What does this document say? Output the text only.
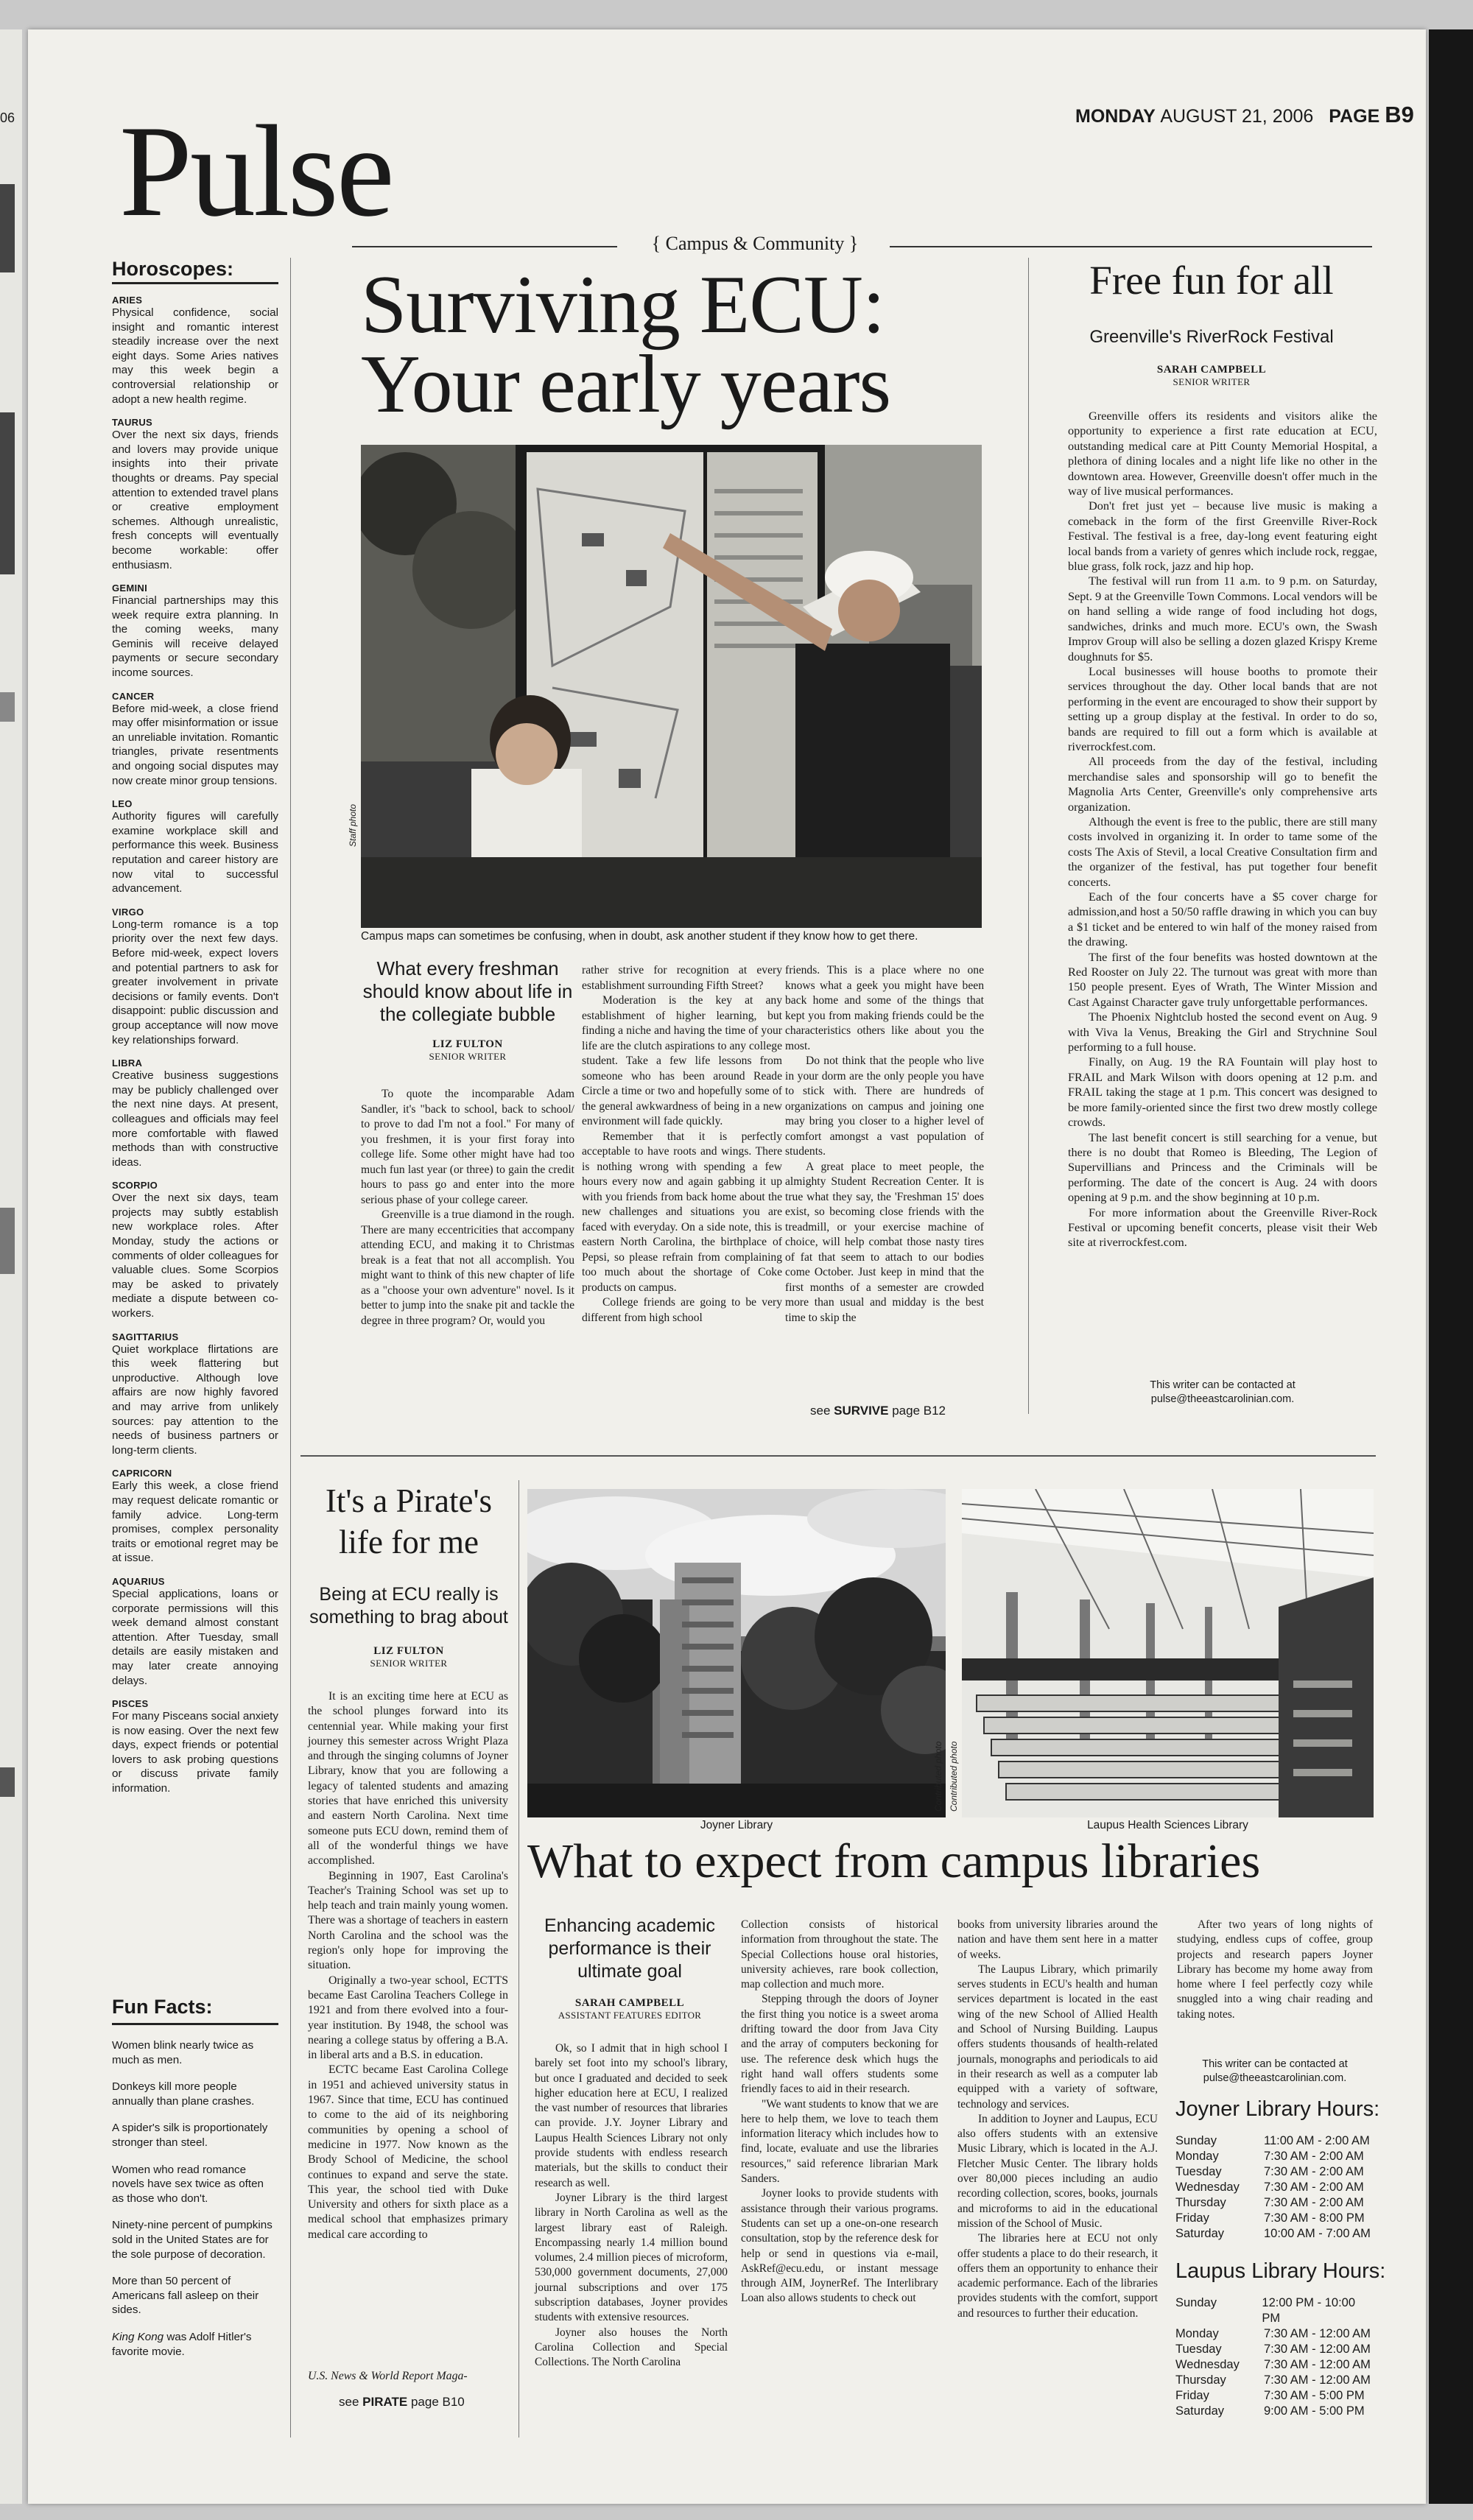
06 Pulse	MONDAY AUGUST 21, 2006 PAGE B9
{ Campus & Community }
Horoscopes:
ARIES

Physical confidence, social insight and romantic interest steadily increase over the next eight days. Some Aries natives may this week begin a controversial relationship or adopt a new health regime.

TAURUS

Over the next six days, friends and lovers may provide unique insights into their private thoughts or dreams. Pay special attention to extended travel plans or creative employment schemes. Although unrealistic, fresh concepts will eventually become workable: offer enthusiasm.

GEMINI

Financial partnerships may this week require extra planning. In the coming weeks, many Geminis will receive delayed payments or secure secondary income sources.

CANCER

Before mid-week, a close friend may offer misinformation or issue an unreliable invitation. Romantic triangles, private resentments and ongoing social disputes may now create minor group tensions.

LEO

Authority figures will carefully examine workplace skill and performance this week. Business reputation and career history are now vital to successful advancement.

VIRGO

Long-term romance is a top priority over the next few days. Before mid-week, expect lovers and potential partners to ask for greater involvement in private decisions or family events. Don't disappoint: public discussion and group acceptance will now move key relationships forward.

LIBRA

Creative business suggestions may be publicly challenged over the next nine days. At present, colleagues and officials may feel more comfortable with flawed methods than with constructive ideas.

SCORPIO

Over the next six days, team projects may subtly establish new workplace roles. After Monday, study the actions or comments of older colleagues for valuable clues. Some Scorpios may be asked to privately mediate a dispute between co-workers.

SAGITTARIUS

Quiet workplace flirtations are this week flattering but unproductive. Although love affairs are now highly favored and may arrive from unlikely sources: pay attention to the needs of business partners or long-term clients.

CAPRICORN

Early this week, a close friend may request delicate romantic or family advice. Long-term promises, complex personality traits or emotional regret may be at issue.

AQUARIUS

Special applications, loans or corporate permissions will this week demand almost constant attention. After Tuesday, small details are easily mistaken and may later create annoying delays.

PISCES

For many Pisceans social anxiety is now easing. Over the next few days, expect friends or potential lovers to ask probing questions or discuss private family information.

Fun Facts:

Women blink nearly twice as much as men.

Donkeys kill more people annually than plane crashes.

A spider's silk is proportionately stronger than steel.

Women who read romance novels have sex twice as often as those who don't.

Ninety-nine percent of pumpkins sold in the United States are for the sole purpose of decoration.

More than 50 percent of Americans fall asleep on their sides.

King Kong was Adolf Hitler's favorite movie.

Surviving ECU:
Your early years
Staff photo
Campus maps can sometimes be confusing, when in doubt, ask another student if they know how to get there.
What every freshman should know about life in the collegiate bubble
LIZ FULTON
SENIOR WRITER

To quote the incomparable Adam Sandler, it's "back to school, back to school/ to prove to dad I'm not a fool." For many of you freshmen, it is your first foray into college life. Some other might have had too much fun last year (or three) to gain the credit hours to pass go and enter into the more serious phase of your college career.

Greenville is a true diamond in the rough. There are many eccentricities that accompany attending ECU, and making it to Christmas break is a feat that not all accomplish. You might want to think of this new chapter of life as a "choose your own adventure" novel. Is it better to jump into the snake pit and tackle the degree in three program? Or, would you

rather strive for recognition at every establishment surrounding Fifth Street?

Moderation is the key at any establishment of higher learning, but finding a niche and having the time of your life are the clutch aspirations to any college student. Take a few life lessons from someone who has been around Reade Circle a time or two and hopefully some of the general awkwardness of being in a new environment will fade quickly.

Remember that it is perfectly acceptable to have roots and wings. There is nothing wrong with spending a few hours every now and again gabbing it up with you friends from back home about the new challenges and situations you are faced with everyday. On a side note, this is eastern North Carolina, the birthplace of Pepsi, so please refrain from complaining too much about the shortage of Coke products on campus.

College friends are going to be very different from high school

friends. This is a place where no one knows what a geek you might have been back home and some of the things that kept you from making friends could be the characteristics others like about you the most.

Do not think that the people who live in your dorm are the only people you have to stick with. There are hundreds of organizations on campus and joining one may bring you closer to a higher level of comfort amongst a vast population of students.

A great place to meet people, the almighty Student Recreation Center. It is true what they say, the 'Freshman 15' does exist, so becoming close friends with the treadmill, or your exercise machine of choice, will help combat those nasty tires of fat that seem to attach to our bodies come October. Just keep in mind that the first months of a semester are crowded more than usual and midday is the best time to skip the

see SURVIVE page B12
Free fun for all
Greenville's RiverRock Festival
SARAH CAMPBELL
SENIOR WRITER

Greenville offers its residents and visitors alike the opportunity to experience a first rate education at ECU, outstanding medical care at Pitt County Memorial Hospital, a plethora of dining locales and a night life like no other in the downtown area. However, Greenville doesn't offer much in the way of live musical performances.

Don't fret just yet – because live music is making a comeback in the form of the first Greenville River-Rock Festival. The festival is a free, day-long event featuring eight local bands from a variety of genres which include rock, reggae, blue grass, folk rock, jazz and hip hop.

The festival will run from 11 a.m. to 9 p.m. on Saturday, Sept. 9 at the Greenville Town Commons. Local vendors will be on hand selling a wide range of food including hot dogs, sandwiches, drinks and much more. ECU's own, the Swash Improv Group will also be selling a dozen glazed Krispy Kreme doughnuts for $5.

Local businesses will house booths to promote their services throughout the day. Other local bands that are not performing in the event are encouraged to show their support by setting up a group display at the festival. In order to do so, bands are required to fill out a form which is available at riverrockfest.com.

All proceeds from the day of the festival, including merchandise sales and sponsorship will go to benefit the Magnolia Arts Center, Greenville's only comprehensive arts organization.

Although the event is free to the public, there are still many costs involved in organizing it. In order to tame some of the costs The Axis of Stevil, a local Creative Consultation firm and the organizer of the festival, has put together four benefit concerts.

Each of the four concerts have a $5 cover charge for admission,and host a 50/50 raffle drawing in which you can buy a $1 ticket and be entered to win half of the money raised from the drawing.

The first of the four benefits was hosted downtown at the Red Rooster on July 22. The turnout was great with more than 150 people present. Eyes of Wrath, The Winter Mission and Cast Against Character gave truly unforgettable performances.

The Phoenix Nightclub hosted the second event on Aug. 9 with Viva la Venus, Breaking the Girl and Strychnine Soul performing to a full house.

Finally, on Aug. 19 the RA Fountain will play host to FRAIL and Mark Wilson with doors opening at 12 p.m. and FRAIL taking the stage at 1 p.m. This concert was designed to be more family-oriented since the first two drew mostly college crowds.

The last benefit concert is still searching for a venue, but there is no doubt that Romeo is Bleeding, The Legion of Supervillians and Princess and the Criminals will be performing. The date of the concert is Aug. 24 with doors opening at 9 p.m. and the show beginning at 10 p.m.

For more information about the Greenville River-Rock Festival or upcoming benefit concerts, please visit their Web site at riverrockfest.com.

This writer can be contacted at
pulse@theeastcarolinian.com.
It's a Pirate's
life for me
Being at ECU really is something to brag about
LIZ FULTON
SENIOR WRITER

It is an exciting time here at ECU as the school plunges forward into its centennial year. While making your first journey this semester across Wright Plaza and through the singing columns of Joyner Library, know that you are following a legacy of talented students and amazing stories that have enriched this university and eastern North Carolina. Next time someone puts ECU down, remind them of all of the wonderful things we have accomplished.

Beginning in 1907, East Carolina's Teacher's Training School was set up to help teach and train mainly young women. There was a shortage of teachers in eastern North Carolina and the school was the region's only hope for improving the situation.

Originally a two-year school, ECTTS became East Carolina Teachers College in 1921 and from there evolved into a four-year institution. By 1948, the school was nearing a college status by offering a B.A. in liberal arts and a B.S. in education.

ECTC became East Carolina College in 1951 and achieved university status in 1967. Since that time, ECU has continued to come to the aid of its neighboring communities by opening a school of medicine in 1977. Now known as the Brody School of Medicine, the school continues to expand and serve the state. This year, the school tied with Duke University and others for sixth place as a medical school that emphasizes primary medical care according to

U.S. News & World Report Maga-
see PIRATE page B10
Contributed photo
Joyner Library
Contributed photo
Laupus Health Sciences Library
What to expect from campus libraries
Enhancing academic performance is their ultimate goal
SARAH CAMPBELL
ASSISTANT FEATURES EDITOR

Ok, so I admit that in high school I barely set foot into my school's library, but once I graduated and decided to seek higher education here at ECU, I realized the vast number of resources that libraries can provide. J.Y. Joyner Library and Laupus Health Sciences Library not only provide students with endless research materials, but the skills to conduct their research as well.

Joyner Library is the third largest library in North Carolina as well as the largest library east of Raleigh. Encompassing nearly 1.4 million bound volumes, 2.4 million pieces of microform, 530,000 government documents, 27,000 journal subscriptions and over 175 subscription databases, Joyner provides students with extensive resources.

Joyner also houses the North Carolina Collection and Special Collections. The North Carolina

Collection consists of historical information from throughout the state. The Special Collections house oral histories, university achieves, rare book collection, map collection and much more.

Stepping through the doors of Joyner the first thing you notice is a sweet aroma drifting toward the door from Java City and the array of computers beckoning for use. The reference desk which hugs the right hand wall offers students some friendly faces to aid in their research.

"We want students to know that we are here to help them, we love to teach them information literacy which includes how to find, locate, evaluate and use the libraries resources," said reference librarian Mark Sanders.

Joyner looks to provide students with assistance through their various programs. Students can set up a one-on-one research consultation, stop by the reference desk for help or send in questions via e-mail, AskRef@ecu.edu, or instant message through AIM, JoynerRef. The Interlibrary Loan also allows students to check out

books from university libraries around the nation and have them sent here in a matter of weeks.

The Laupus Library, which primarily serves students in ECU's health and human services department is located in the east wing of the new School of Allied Health and School of Nursing Building. Laupus offers students thousands of health-related journals, monographs and periodicals to aid in their research as well as a computer lab equipped with a variety of software, technology and services.

In addition to Joyner and Laupus, ECU also offers students with an extensive Music Library, which is located in the A.J. Fletcher Music Center. The library holds over 80,000 pieces including an audio recording collection, scores, books, journals and microforms to aid in the educational mission of the School of Music.

The libraries here at ECU not only offer students a place to do their research, it offers them an opportunity to enhance their academic performance. Each of the libraries provides students with the comfort, support and resources to further their education.

After two years of long nights of studying, endless cups of coffee, group projects and research papers Joyner Library has become my home away from home where I feel perfectly cozy while snuggled into a wing chair reading and taking notes.

This writer can be contacted at
pulse@theeastcarolinian.com.
Joyner Library Hours:
Sunday	11:00 AM - 2:00 AM
Monday	7:30 AM - 2:00 AM
Tuesday	7:30 AM - 2:00 AM
Wednesday	7:30 AM - 2:00 AM
Thursday	7:30 AM - 2:00 AM
Friday	7:30 AM - 8:00 PM
Saturday	10:00 AM - 7:00 AM
Laupus Library Hours:
Sunday	12:00 PM - 10:00 PM
Monday	7:30 AM - 12:00 AM
Tuesday	7:30 AM - 12:00 AM
Wednesday	7:30 AM - 12:00 AM
Thursday	7:30 AM - 12:00 AM
Friday	7:30 AM - 5:00 PM
Saturday	9:00 AM - 5:00 PM
